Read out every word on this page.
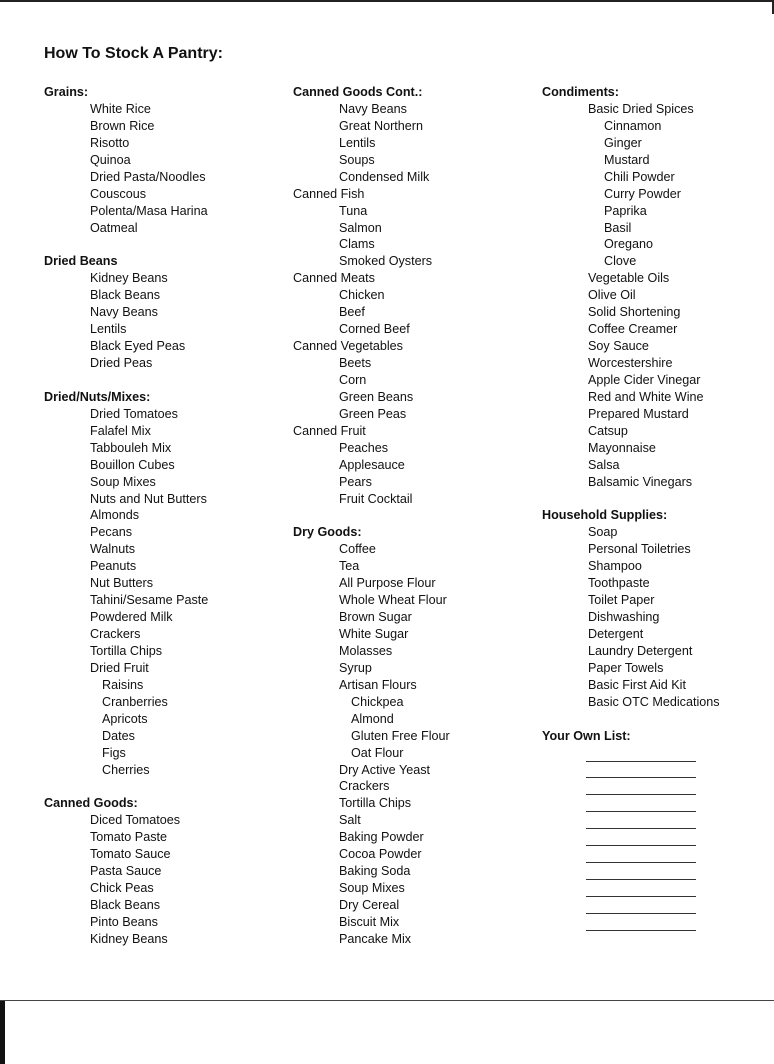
How To Stock A Pantry:
Grains:
White Rice
Brown Rice
Risotto
Quinoa
Dried Pasta/Noodles
Couscous
Polenta/Masa Harina
Oatmeal
Dried Beans
Kidney Beans
Black Beans
Navy Beans
Lentils
Black Eyed Peas
Dried Peas
Dried/Nuts/Mixes:
Dried Tomatoes
Falafel Mix
Tabbouleh Mix
Bouillon Cubes
Soup Mixes
Nuts and Nut Butters
Almonds
Pecans
Walnuts
Peanuts
Nut Butters
Tahini/Sesame Paste
Powdered Milk
Crackers
Tortilla Chips
Dried Fruit
Raisins
Cranberries
Apricots
Dates
Figs
Cherries
Canned Goods:
Diced Tomatoes
Tomato Paste
Tomato Sauce
Pasta Sauce
Chick Peas
Black Beans
Pinto Beans
Kidney Beans
Canned Goods Cont.:
Navy Beans
Great Northern
Lentils
Soups
Condensed Milk
Canned Fish
Tuna
Salmon
Clams
Smoked Oysters
Canned Meats
Chicken
Beef
Corned Beef
Canned Vegetables
Beets
Corn
Green Beans
Green Peas
Canned Fruit
Peaches
Applesauce
Pears
Fruit Cocktail
Dry Goods:
Coffee
Tea
All Purpose Flour
Whole Wheat Flour
Brown Sugar
White Sugar
Molasses
Syrup
Artisan Flours
Chickpea
Almond
Gluten Free Flour
Oat Flour
Dry Active Yeast
Crackers
Tortilla Chips
Salt
Baking Powder
Cocoa Powder
Baking Soda
Soup Mixes
Dry Cereal
Biscuit Mix
Pancake Mix
Condiments:
Basic Dried Spices
Cinnamon
Ginger
Mustard
Chili Powder
Curry Powder
Paprika
Basil
Oregano
Clove
Vegetable Oils
Olive Oil
Solid Shortening
Coffee Creamer
Soy Sauce
Worcestershire
Apple Cider Vinegar
Red and White Wine
Prepared Mustard
Catsup
Mayonnaise
Salsa
Balsamic Vinegars
Household Supplies:
Soap
Personal Toiletries
Shampoo
Toothpaste
Toilet Paper
Dishwashing
Detergent
Laundry Detergent
Paper Towels
Basic First Aid Kit
Basic OTC Medications
Your Own List:
